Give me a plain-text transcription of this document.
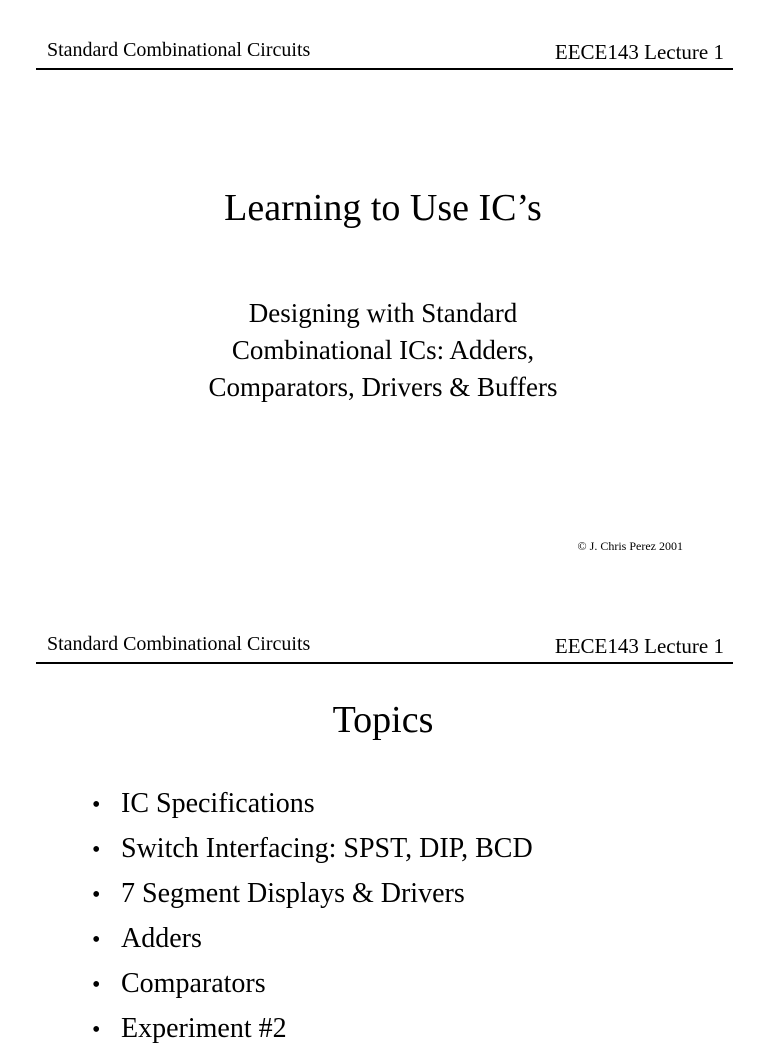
Standard Combinational Circuits	EECE143 Lecture 1
Learning to Use IC’s
Designing with Standard
Combinational ICs: Adders,
Comparators, Drivers & Buffers
© J. Chris Perez 2001
Standard Combinational Circuits	EECE143 Lecture 1
Topics
• IC Specifications
• Switch Interfacing: SPST, DIP, BCD
• 7 Segment Displays & Drivers
• Adders
• Comparators
• Experiment #2
